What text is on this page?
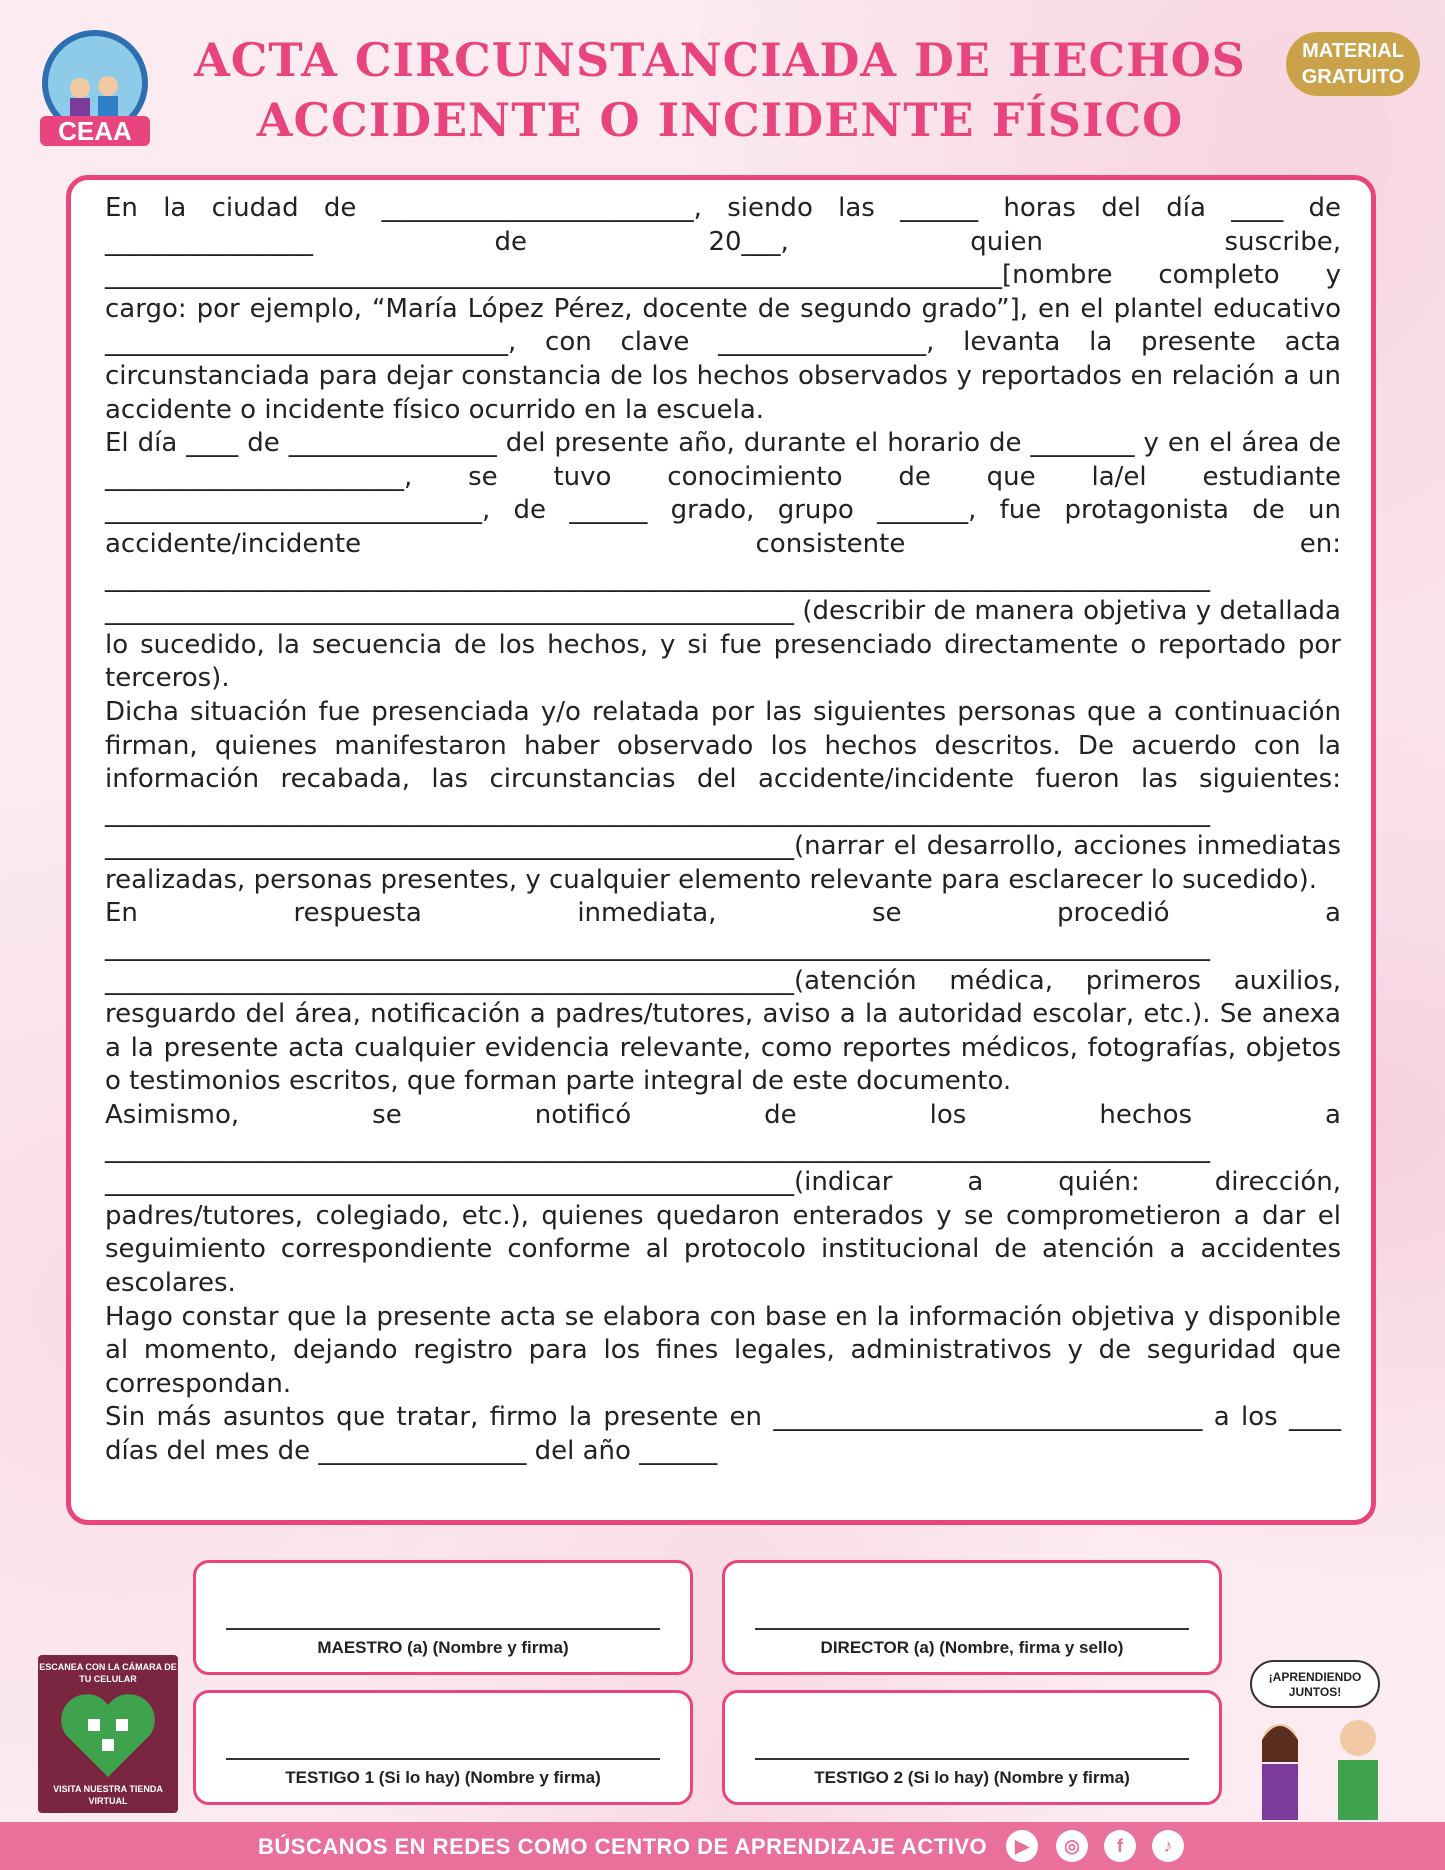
CEAA
ACTA CIRCUNSTANCIADA DE HECHOS
ACCIDENTE O INCIDENTE FÍSICO
MATERIAL
GRATUITO

En la ciudad de ________________________, siendo las ______ horas del día ____ de ________________ de 20___, quien suscribe, _____________________________________________________________________[nombre completo y cargo: por ejemplo, “María López Pérez, docente de segundo grado”], en el plantel educativo _______________________________, con clave ________________, levanta la presente acta circunstanciada para dejar constancia de los hechos observados y reportados en relación a un accidente o incidente físico ocurrido en la escuela.

El día ____ de ________________ del presente año, durante el horario de ________ y en el área de _______________________, se tuvo conocimiento de que la/el estudiante _____________________________, de ______ grado, grupo _______, fue protagonista de un accidente/incidente consistente en: _____________________________________________________________________________________ _____________________________________________________ (describir de manera objetiva y detallada lo sucedido, la secuencia de los hechos, y si fue presenciado directamente o reportado por terceros).

Dicha situación fue presenciada y/o relatada por las siguientes personas que a continuación firman, quienes manifestaron haber observado los hechos descritos. De acuerdo con la información recabada, las circunstancias del accidente/incidente fueron las siguientes: _____________________________________________________________________________________ _____________________________________________________(narrar el desarrollo, acciones inmediatas realizadas, personas presentes, y cualquier elemento relevante para esclarecer lo sucedido).

En respuesta inmediata, se procedió a _____________________________________________________________________________________ _____________________________________________________(atención médica, primeros auxilios, resguardo del área, notificación a padres/tutores, aviso a la autoridad escolar, etc.). Se anexa a la presente acta cualquier evidencia relevante, como reportes médicos, fotografías, objetos o testimonios escritos, que forman parte integral de este documento.

Asimismo, se notificó de los hechos a _____________________________________________________________________________________ _____________________________________________________(indicar a quién: dirección, padres/tutores, colegiado, etc.), quienes quedaron enterados y se comprometieron a dar el seguimiento correspondiente conforme al protocolo institucional de atención a accidentes escolares.

Hago constar que la presente acta se elabora con base en la información objetiva y disponible al momento, dejando registro para los fines legales, administrativos y de seguridad que correspondan.

Sin más asuntos que tratar, firmo la presente en _________________________________ a los ____ días del mes de ________________ del año ______

MAESTRO (a) (Nombre y firma)	DIRECTOR (a) (Nombre, firma y sello)
TESTIGO 1 (Si lo hay) (Nombre y firma)	TESTIGO 2 (Si lo hay) (Nombre y firma)
ESCANEA CON LA CÁMARA DE TU CELULAR
VISITA NUESTRA TIENDA VIRTUAL
¡APRENDIENDO JUNTOS!
BÚSCANOS EN REDES COMO CENTRO DE APRENDIZAJE ACTIVO	▶	◎	f	♪
